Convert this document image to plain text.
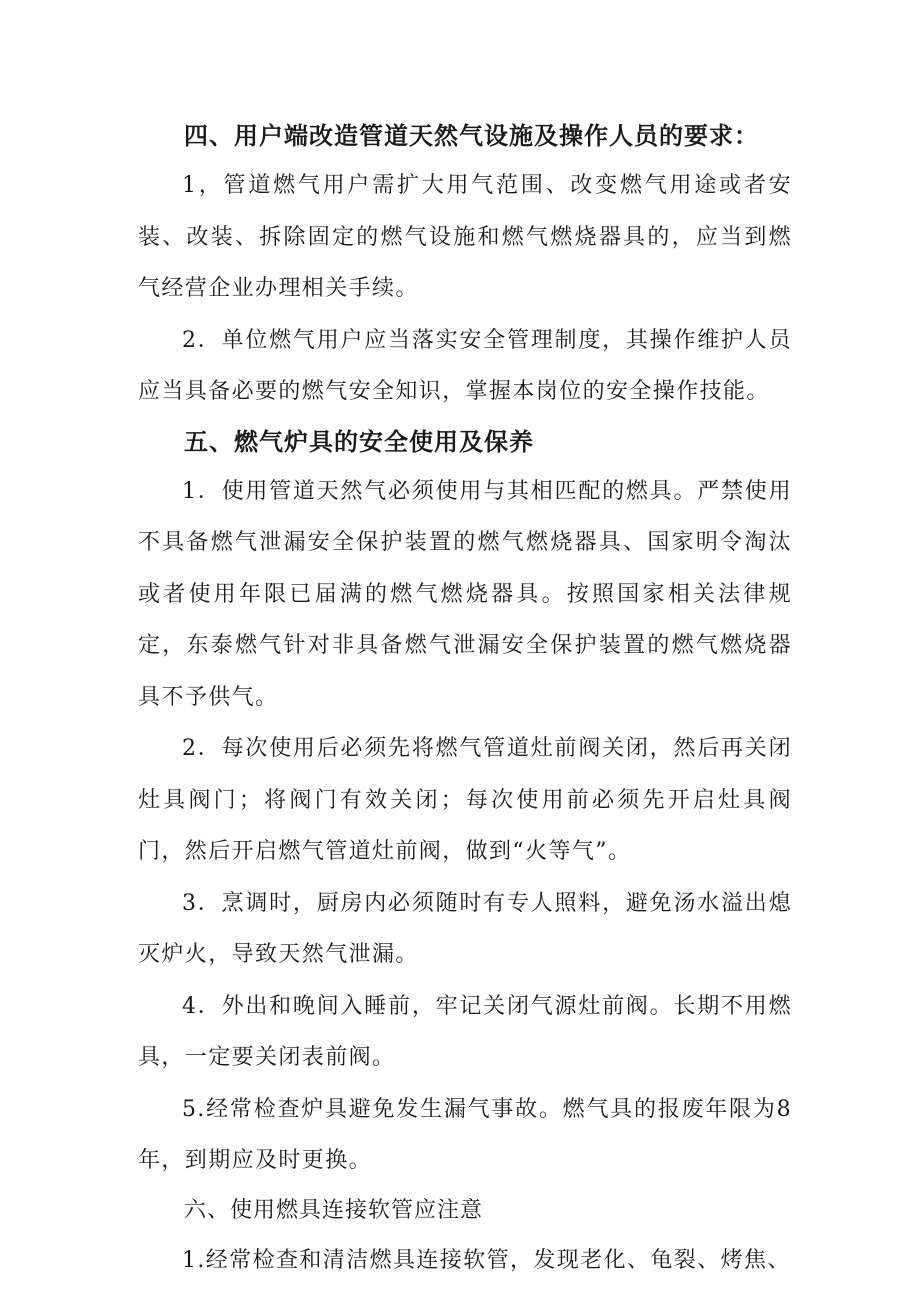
四、用户端改造管道天然气设施及操作人员的要求：

1，管道燃气用户需扩大用气范围、改变燃气用途或者安装、改装、拆除固定的燃气设施和燃气燃烧器具的，应当到燃气经营企业办理相关手续。

2．单位燃气用户应当落实安全管理制度，其操作维护人员应当具备必要的燃气安全知识，掌握本岗位的安全操作技能。

五、燃气炉具的安全使用及保养

1．使用管道天然气必须使用与其相匹配的燃具。严禁使用不具备燃气泄漏安全保护装置的燃气燃烧器具、国家明令淘汰或者使用年限已届满的燃气燃烧器具。按照国家相关法律规定，东泰燃气针对非具备燃气泄漏安全保护装置的燃气燃烧器具不予供气。

2．每次使用后必须先将燃气管道灶前阀关闭，然后再关闭灶具阀门；将阀门有效关闭；每次使用前必须先开启灶具阀门，然后开启燃气管道灶前阀，做到“火等气”。

3．烹调时，厨房内必须随时有专人照料，避免汤水溢出熄灭炉火，导致天然气泄漏。

4．外出和晚间入睡前，牢记关闭气源灶前阀。长期不用燃具，一定要关闭表前阀。

5.经常检查炉具避免发生漏气事故。燃气具的报废年限为8年，到期应及时更换。

六、使用燃具连接软管应注意

1.经常检查和清洁燃具连接软管，发现老化、龟裂、烤焦、
